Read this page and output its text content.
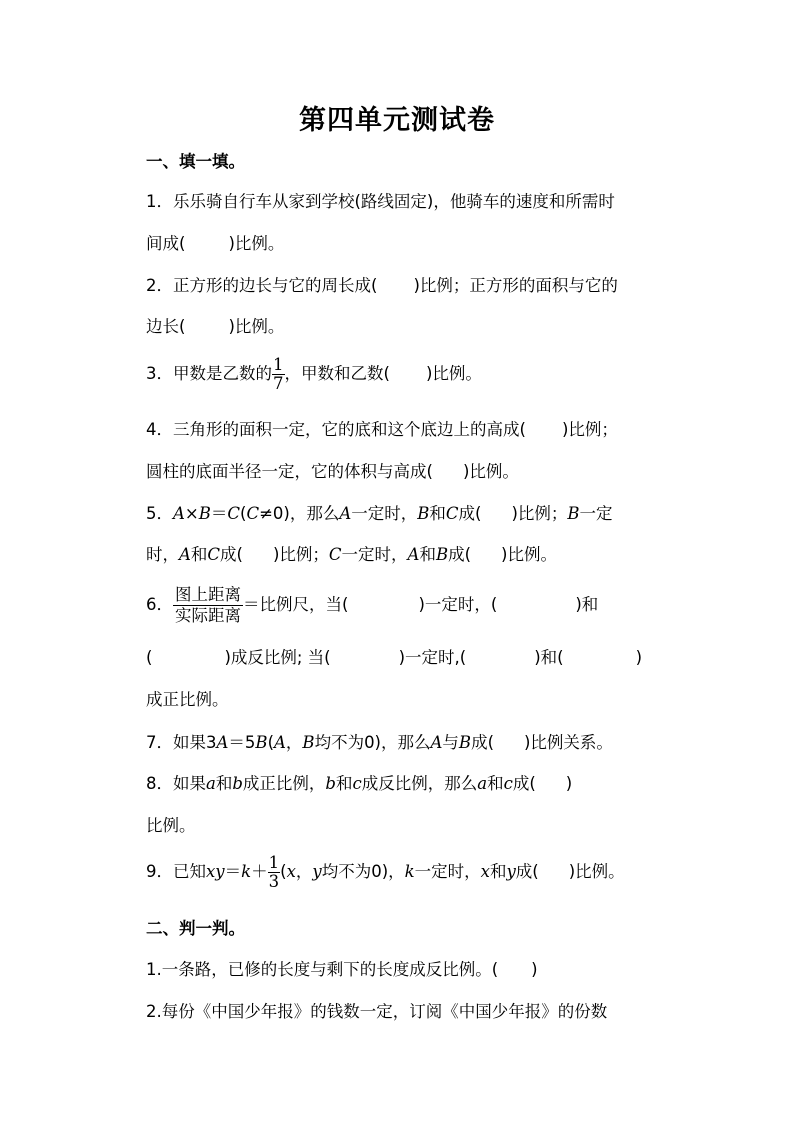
第四单元测试卷
一、填一填。
1．乐乐骑自行车从家到学校(路线固定)，他骑车的速度和所需时
间成(	)比例。
2．正方形的边长与它的周长成( )比例；正方形的面积与它的
边长(	)比例。
3．甲数是乙数的 $\frac{1}{7}$ ，甲数和乙数( )比例。
4．三角形的面积一定，它的底和这个底边上的高成( )比例；
圆柱的底面半径一定，它的体积与高成( )比例。
5．A×B＝C(C≠0)，那么A一定时，B和C成( )比例；B一定
时，A和C成( )比例；C一定时，A和B成( )比例。
6．
图上距离
实际距离
＝比例尺，当(	)一定时，(	)和
(	)成反比例; 当(	)一定时,(	)和(	)
成正比例。
7．如果3A＝5B(A，B均不为0)，那么A与B成( )比例关系。
8．如果a和b成正比例，b和c成反比例，那么a和c成( )
比例。
9．已知$xy=k+ \frac{1}{3} (x$，y均不为0)，k一定时，x和y成( )比例。
二、判一判。
1.一条路，已修的长度与剩下的长度成反比例。(　　)
2.每份《中国少年报》的钱数一定，订阅《中国少年报》的份数
